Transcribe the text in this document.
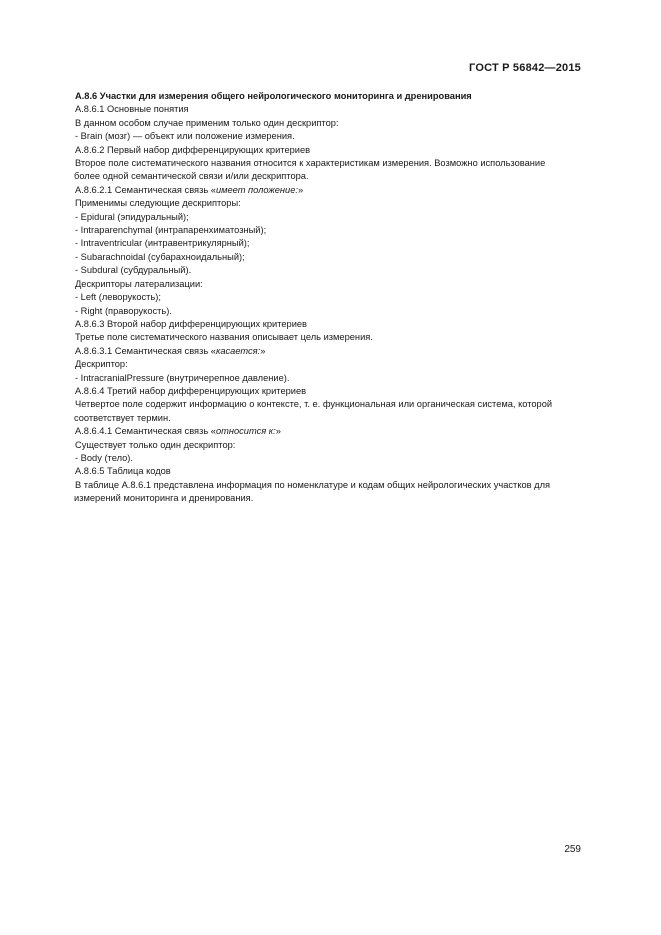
ГОСТ Р 56842—2015

А.8.6 Участки для измерения общего нейрологического мониторинга и дренирования

А.8.6.1 Основные понятия

В данном особом случае применим только один дескриптор:

- Brain (мозг) — объект или положение измерения.

А.8.6.2 Первый набор дифференцирующих критериев

Второе поле систематического названия относится к характеристикам измерения. Возможно использование
более одной семантической связи и/или дескриптора.

А.8.6.2.1 Семантическая связь «имеет положение:»

Применимы следующие дескрипторы:

- Epidural (эпидуральный);

- Intraparenchymal (интрапаренхиматозный);

- Intraventricular (интравентрикулярный);

- Subarachnoidal (субарахноидальный);

- Subdural (субдуральный).

Дескрипторы латерализации:

- Left (леворукость);

- Right (праворукость).

А.8.6.3 Второй набор дифференцирующих критериев

Третье поле систематического названия описывает цель измерения.

А.8.6.3.1 Семантическая связь «касается:»

Дескриптор:

- IntracranialPressure (внутричерепное давление).

А.8.6.4 Третий набор дифференцирующих критериев

Четвертое поле содержит информацию о контексте, т. е. функциональная или органическая система, которой
соответствует термин.

А.8.6.4.1 Семантическая связь «относится к:»

Существует только один дескриптор:

- Body (тело).

А.8.6.5 Таблица кодов

В таблице А.8.6.1 представлена информация по номенклатуре и кодам общих нейрологических участков для
измерений мониторинга и дренирования.

259
